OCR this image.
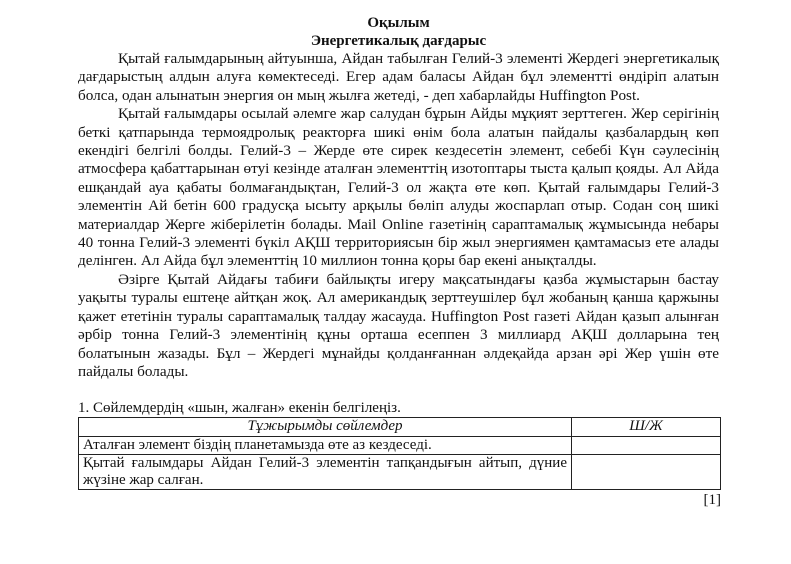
Оқылым

Энергетикалық дағдарыс

Қытай ғалымдарының айтуынша, Айдан табылған Гелий-3 элементі Жердегі энергетикалық дағдарыстың алдын алуға көмектеседі. Егер адам баласы Айдан бұл элементті өндіріп алатын болса, одан алынатын энергия он мың жылға жетеді, - деп хабарлайды Huffington Post.

Қытай ғалымдары осылай әлемге жар салудан бұрын Айды мұқият зерттеген. Жер серігінің беткі қатпарында термоядролық реакторға шикі өнім бола алатын пайдалы қазбалардың көп екендігі белгілі болды. Гелий-3 – Жерде өте сирек кездесетін элемент, себебі Күн сәулесінің атмосфера қабаттарынан өтуі кезінде аталған элементтің изотоптары тыста қалып қояды. Ал Айда ешқандай ауа қабаты болмағандықтан, Гелий-3 ол жақта өте көп. Қытай ғалымдары Гелий-3 элементін Ай бетін 600 градусқа ысыту арқылы бөліп алуды жоспарлап отыр. Содан соң шикі материалдар Жерге жіберілетін болады. Mail Online газетінің сараптамалық жұмысында небары 40 тонна Гелий-3 элементі бүкіл АҚШ территориясын бір жыл энергиямен қамтамасыз ете алады делінген. Ал Айда бұл элементтің 10 миллион тонна қоры бар екені анықталды.

Әзірге Қытай Айдағы табиғи байлықты игеру мақсатындағы қазба жұмыстарын бастау уақыты туралы ештеңе айтқан жоқ. Ал американдық зерттеушілер бұл жобаның қанша қаржыны қажет ететінін туралы сараптамалық талдау жасауда. Huffington Post газеті Айдан қазып алынған әрбір тонна Гелий-3 элементінің құны орташа есеппен 3 миллиард АҚШ долларына тең болатынын жазады. Бұл – Жердегі мұнайды қолданғаннан әлдеқайда арзан әрі Жер үшін өте пайдалы болады.

1. Сөйлемдердің «шын, жалған» екенін белгілеңіз.

Тұжырымды сөйлемдер	Ш/Ж
Аталған элемент біздің планетамызда өте аз кездеседі.	
Қытай ғалымдары Айдан Гелий-3 элементін тапқандығын айтып, дүние жүзіне жар салған.	
[1]
